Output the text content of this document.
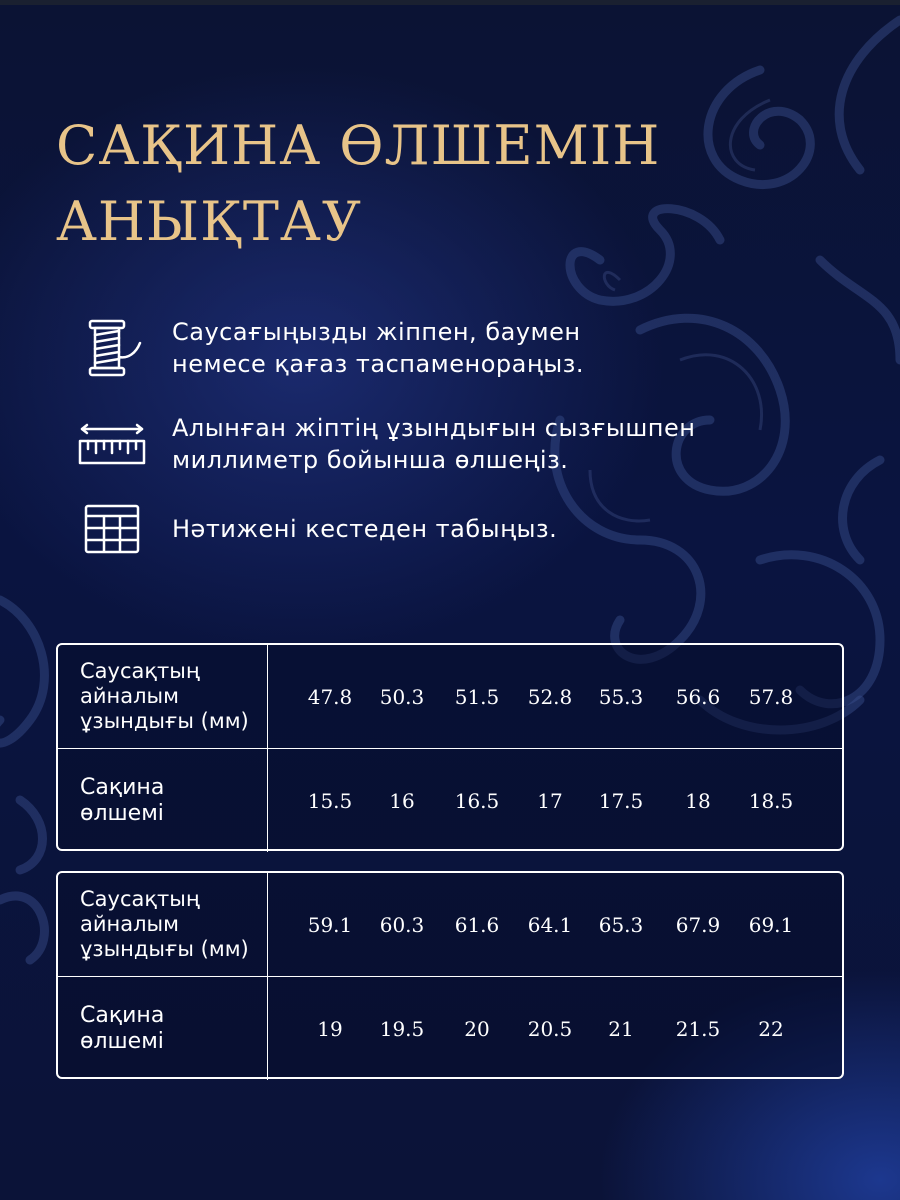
САҚИНА ӨЛШЕМІН
АНЫҚТАУ
Саусағыңызды жіппен, баумен
немесе қағаз таспаменораңыз.
Алынған жіптің ұзындығын сызғышпен
миллиметр бойынша өлшеңіз.
Нәтижені кестеден табыңыз.
Саусақтың
айналым
ұзындығы (мм)
47.8	50.3	51.5	52.8	55.3	56.6	57.8
Сақина
өлшемі	15.5	16	16.5	17	17.5	18	18.5
Саусақтың
айналым
ұзындығы (мм)
59.1	60.3	61.6	64.1	65.3	67.9	69.1
Сақина
өлшемі	19	19.5	20	20.5	21	21.5	22
